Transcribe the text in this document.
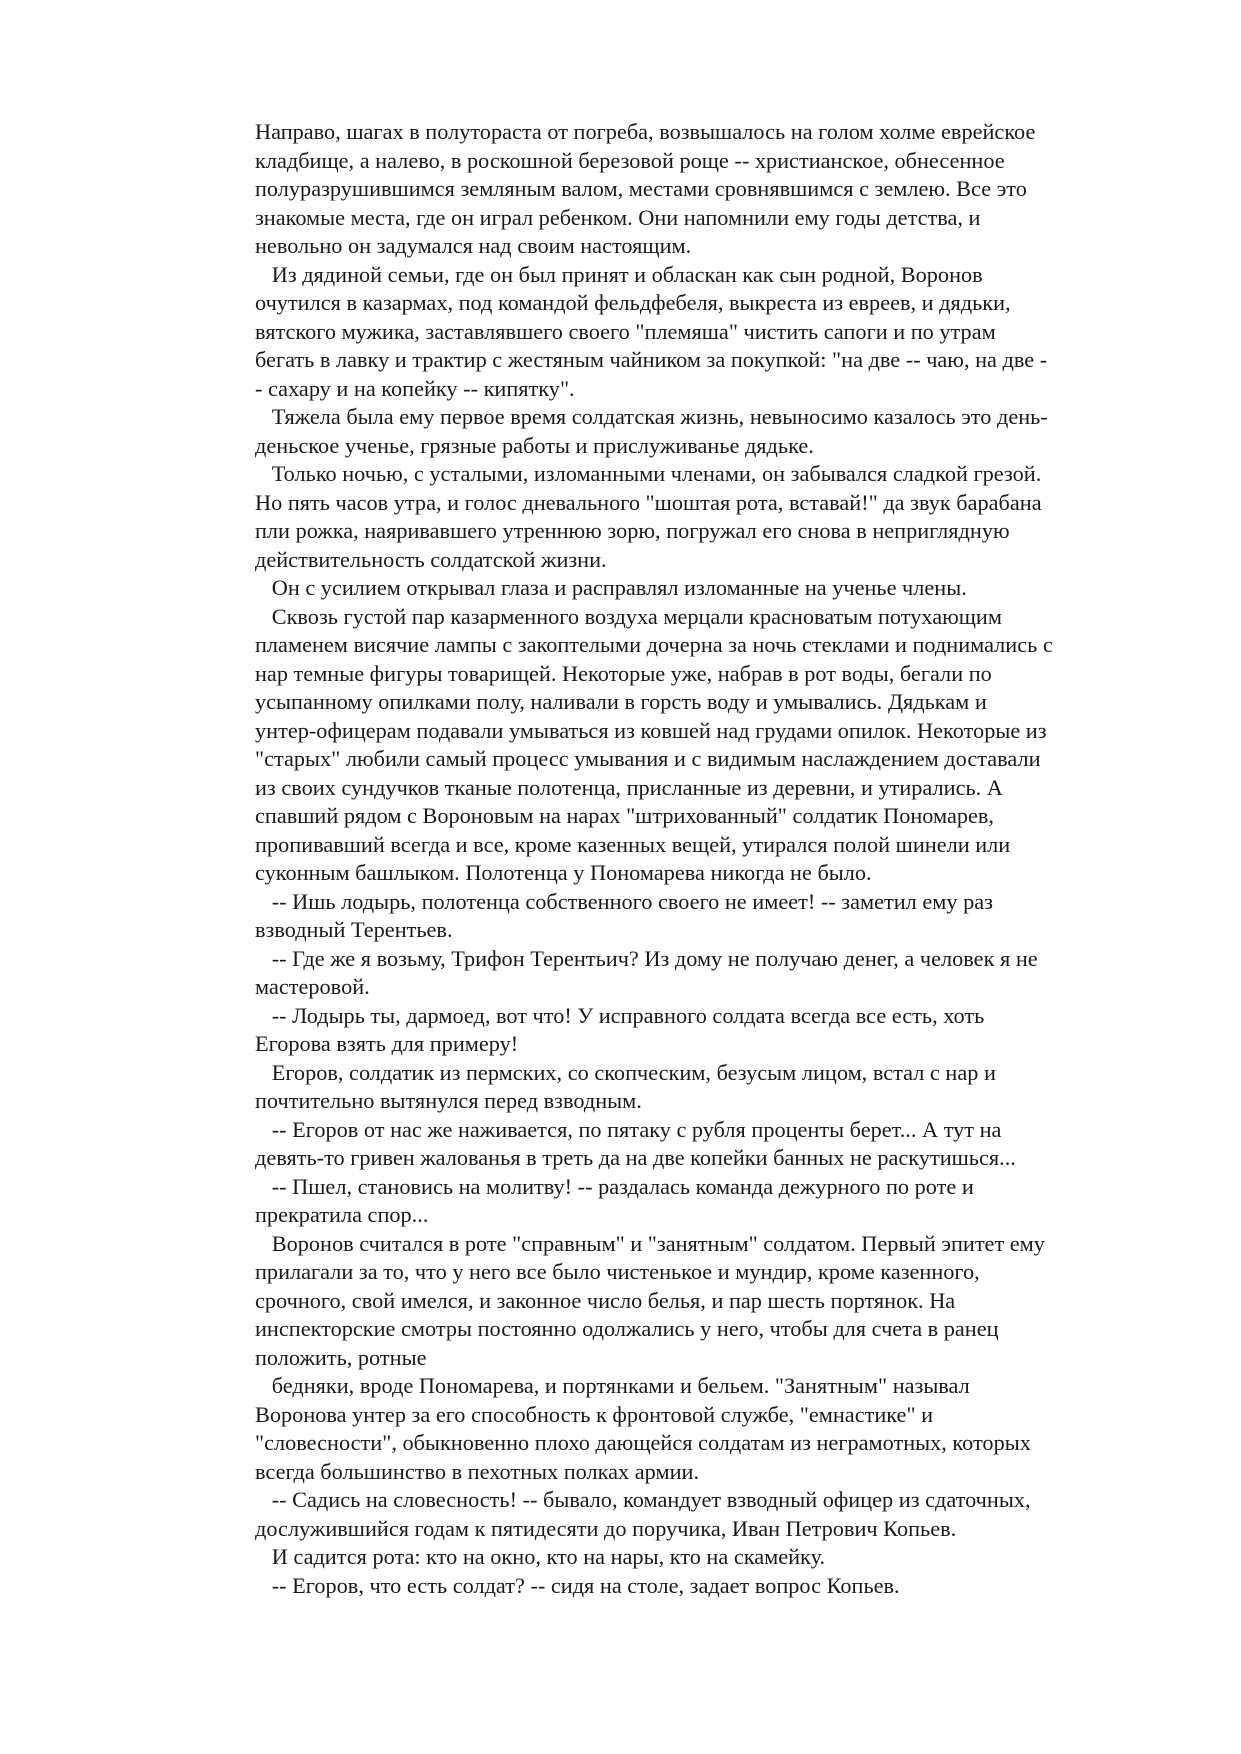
Направо, шагах в полутораста от погреба, возвышалось на голом холме еврейское
кладбище, а налево, в роскошной березовой роще -- христианское, обнесенное
полуразрушившимся земляным валом, местами сровнявшимся с землею. Все это
знакомые места, где он играл ребенком. Они напомнили ему годы детства, и
невольно он задумался над своим настоящим.
Из дядиной семьи, где он был принят и обласкан как сын родной, Воронов
очутился в казармах, под командой фельдфебеля, выкреста из евреев, и дядьки,
вятского мужика, заставлявшего своего "племяша" чистить сапоги и по утрам
бегать в лавку и трактир с жестяным чайником за покупкой: "на две -- чаю, на две -
- сахару и на копейку -- кипятку".
Тяжела была ему первое время солдатская жизнь, невыносимо казалось это день-
деньское ученье, грязные работы и прислуживанье дядьке.
Только ночью, с усталыми, изломанными членами, он забывался сладкой грезой.
Но пять часов утра, и голос дневального "шоштая рота, вставай!" да звук барабана
пли рожка, наяривавшего утреннюю зорю, погружал его снова в неприглядную
действительность солдатской жизни.
Он с усилием открывал глаза и расправлял изломанные на ученье члены.
Сквозь густой пар казарменного воздуха мерцали красноватым потухающим
пламенем висячие лампы с закоптелыми дочерна за ночь стеклами и поднимались с
нар темные фигуры товарищей. Некоторые уже, набрав в рот воды, бегали по
усыпанному опилками полу, наливали в горсть воду и умывались. Дядькам и
унтер-офицерам подавали умываться из ковшей над грудами опилок. Некоторые из
"старых" любили самый процесс умывания и с видимым наслаждением доставали
из своих сундучков тканые полотенца, присланные из деревни, и утирались. А
спавший рядом с Вороновым на нарах "штрихованный" солдатик Пономарев,
пропивавший всегда и все, кроме казенных вещей, утирался полой шинели или
суконным башлыком. Полотенца у Пономарева никогда не было.
-- Ишь лодырь, полотенца собственного своего не имеет! -- заметил ему раз
взводный Терентьев.
-- Где же я возьму, Трифон Терентьич? Из дому не получаю денег, а человек я не
мастеровой.
-- Лодырь ты, дармоед, вот что! У исправного солдата всегда все есть, хоть
Егорова взять для примеру!
Егоров, солдатик из пермских, со скопческим, безусым лицом, встал с нар и
почтительно вытянулся перед взводным.
-- Егоров от нас же наживается, по пятаку с рубля проценты берет... А тут на
девять-то гривен жалованья в треть да на две копейки банных не раскутишься...
-- Пшел, становись на молитву! -- раздалась команда дежурного по роте и
прекратила спор...
Воронов считался в роте "справным" и "занятным" солдатом. Первый эпитет ему
прилагали за то, что у него все было чистенькое и мундир, кроме казенного,
срочного, свой имелся, и законное число белья, и пар шесть портянок. На
инспекторские смотры постоянно одолжались у него, чтобы для счета в ранец
положить, ротные
бедняки, вроде Пономарева, и портянками и бельем. "Занятным" называл
Воронова унтер за его способность к фронтовой службе, "емнастике" и
"словесности", обыкновенно плохо дающейся солдатам из неграмотных, которых
всегда большинство в пехотных полках армии.
-- Садись на словесность! -- бывало, командует взводный офицер из сдаточных,
дослужившийся годам к пятидесяти до поручика, Иван Петрович Копьев.
И садится рота: кто на окно, кто на нары, кто на скамейку.
-- Егоров, что есть солдат? -- сидя на столе, задает вопрос Копьев.
